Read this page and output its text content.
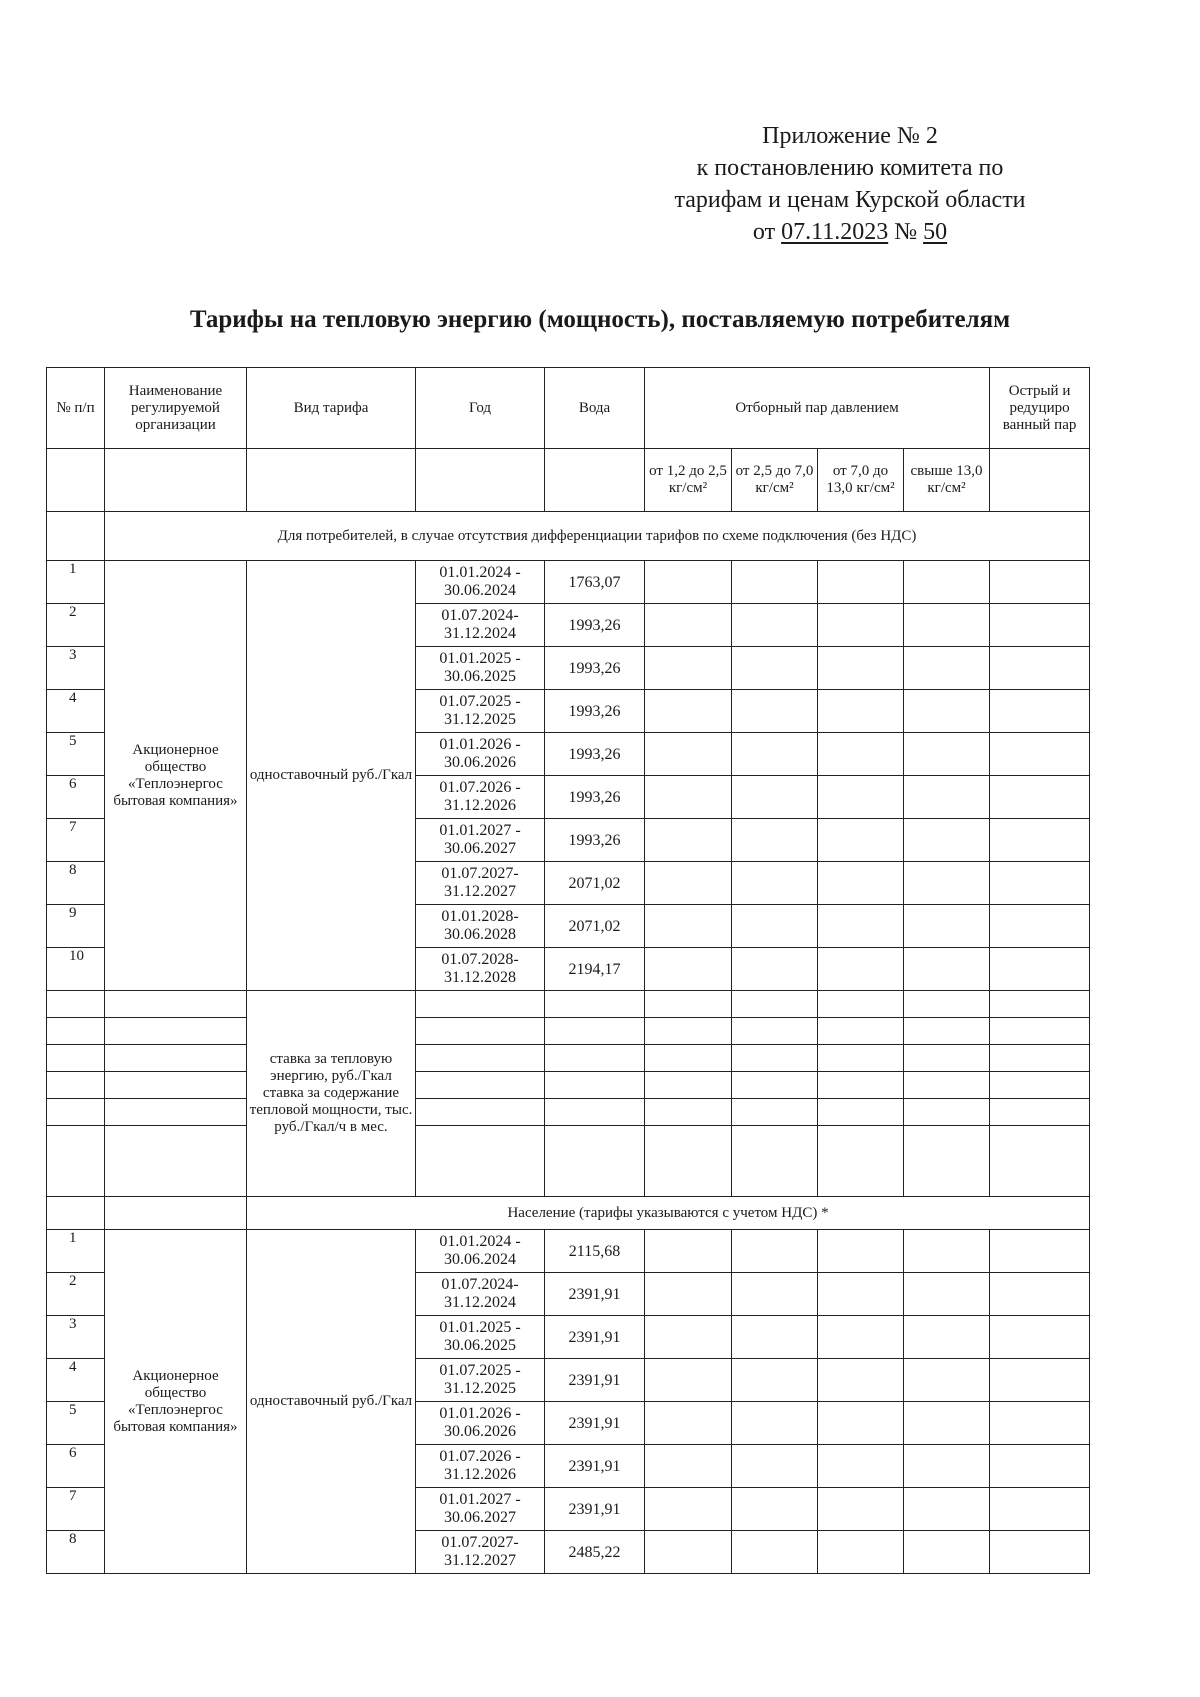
Приложение № 2
к постановлению комитета по
тарифам и ценам Курской области
от 07.11.2023 № 50
Тарифы на тепловую энергию (мощность), поставляемую потребителям
№ п/п	Наименование регулируемой организации	Вид тарифа	Год	Вода	Отборный пар давлением				Острый и редуциро ванный пар
					от 1,2 до 2,5 кг/см²	от 2,5 до 7,0 кг/см²	от 7,0 до 13,0 кг/см²	свыше 13,0 кг/см²	
	Для потребителей, в случае отсутствия дифференциации тарифов по схеме подключения (без НДС)								
1	Акционерное общество «Теплоэнергос бытовая компания»	одноставочный руб./Гкал	01.01.2024 - 30.06.2024	1763,07					
2			01.07.2024- 31.12.2024	1993,26					
3			01.01.2025 - 30.06.2025	1993,26					
4			01.07.2025 - 31.12.2025	1993,26					
5			01.01.2026 - 30.06.2026	1993,26					
6			01.07.2026 - 31.12.2026	1993,26					
7			01.01.2027 - 30.06.2027	1993,26					
8			01.07.2027- 31.12.2027	2071,02					
9			01.01.2028- 30.06.2028	2071,02					
10			01.07.2028- 31.12.2028	2194,17					
		ставка за тепловую энергию, руб./Гкал ставка за содержание тепловой мощности, тыс. руб./Гкал/ч в мес.							

		Население (тарифы указываются с учетом НДС) *							
1	Акционерное общество «Теплоэнергос бытовая компания»	одноставочный руб./Гкал	01.01.2024 - 30.06.2024	2115,68					
2			01.07.2024- 31.12.2024	2391,91					
3			01.01.2025 - 30.06.2025	2391,91					
4			01.07.2025 - 31.12.2025	2391,91					
5			01.01.2026 - 30.06.2026	2391,91					
6			01.07.2026 - 31.12.2026	2391,91					
7			01.01.2027 - 30.06.2027	2391,91					
8			01.07.2027- 31.12.2027	2485,22					
